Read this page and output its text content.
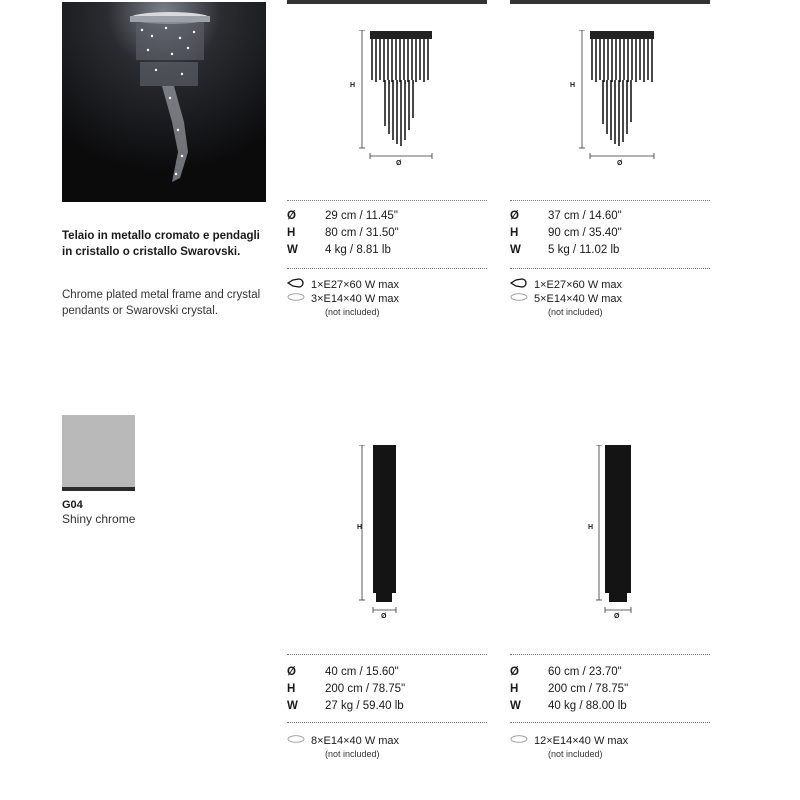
Telaio in metallo cromato e pendagli in cristallo o cristallo Swarovski.
Chrome plated metal frame and crystal pendants or Swarovski crystal.
G04
Shiny chrome
H
Ø
H
Ø
Ø	29 cm / 11.45"
H	80 cm / 31.50"
W 4 kg / 8.81 lb
1×E27×60 W max
3×E14×40 W max
(not included)
Ø	37 cm / 14.60"
H	90 cm / 35.40"
W 5 kg / 11.02 lb
1×E27×60 W max
5×E14×40 W max
(not included)
H
Ø
H
Ø
Ø	40 cm / 15.60"
H	200 cm / 78.75"
W 27 kg / 59.40 lb
8×E14×40 W max
(not included)
Ø	60 cm / 23.70"
H	200 cm / 78.75"
W 40 kg / 88.00 lb
12×E14×40 W max
(not included)
